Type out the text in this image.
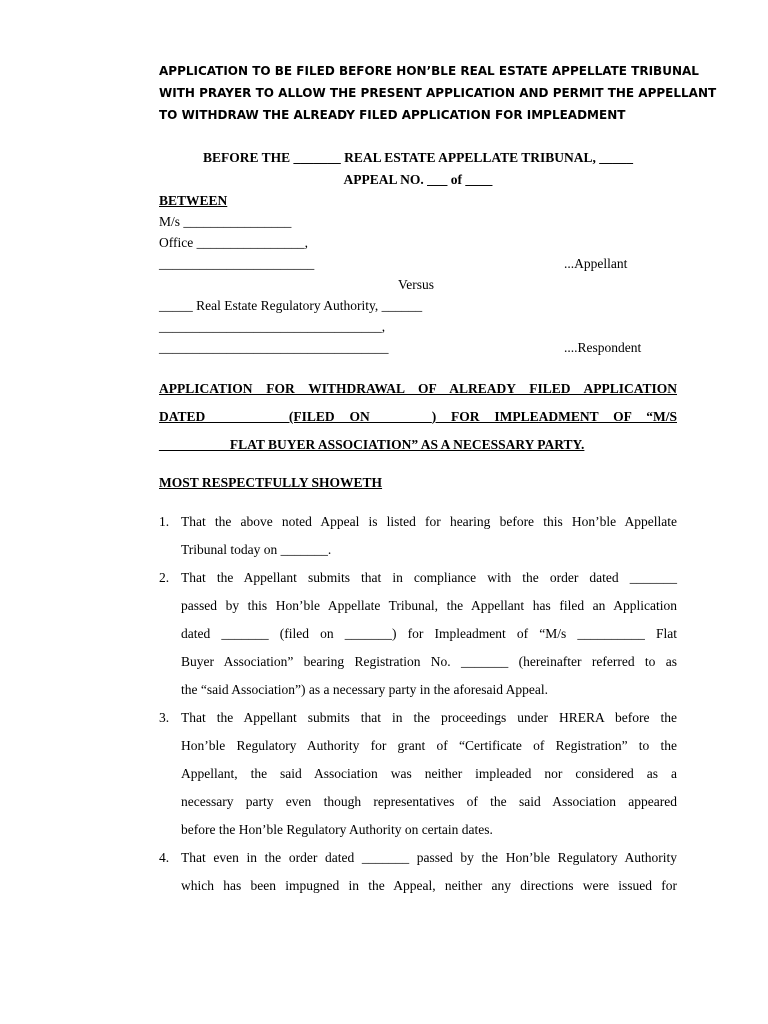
APPLICATION TO BE FILED BEFORE HON’BLE REAL ESTATE APPELLATE TRIBUNAL
WITH PRAYER TO ALLOW THE PRESENT APPLICATION AND PERMIT THE APPELLANT
TO WITHDRAW THE ALREADY FILED APPLICATION FOR IMPLEADMENT
BEFORE THE _______ REAL ESTATE APPELLATE TRIBUNAL, _____
APPEAL NO. ___ of ____
BETWEEN
M/s ________________
Office ________________,
_______________________	...Appellant
Versus
_____ Real Estate Regulatory Authority, ______
_________________________________,
__________________________________	....Respondent
APPLICATION FOR WITHDRAWAL OF ALREADY FILED APPLICATION
DATED ________ (FILED ON _______) FOR IMPLEADMENT OF “M/S
__________ FLAT BUYER ASSOCIATION” AS A NECESSARY PARTY.
MOST RESPECTFULLY SHOWETH
1. That the above noted Appeal is listed for hearing before this Hon’ble Appellate
Tribunal today on _______.
2. That the Appellant submits that in compliance with the order dated _______
passed by this Hon’ble Appellate Tribunal, the Appellant has filed an Application
dated _______ (filed on _______) for Impleadment of “M/s __________ Flat
Buyer Association” bearing Registration No. _______ (hereinafter referred to as
the “said Association”) as a necessary party in the aforesaid Appeal.
3. That the Appellant submits that in the proceedings under HRERA before the
Hon’ble Regulatory Authority for grant of “Certificate of Registration” to the
Appellant, the said Association was neither impleaded nor considered as a
necessary party even though representatives of the said Association appeared
before the Hon’ble Regulatory Authority on certain dates.
4. That even in the order dated _______ passed by the Hon’ble Regulatory Authority
which has been impugned in the Appeal, neither any directions were issued for
